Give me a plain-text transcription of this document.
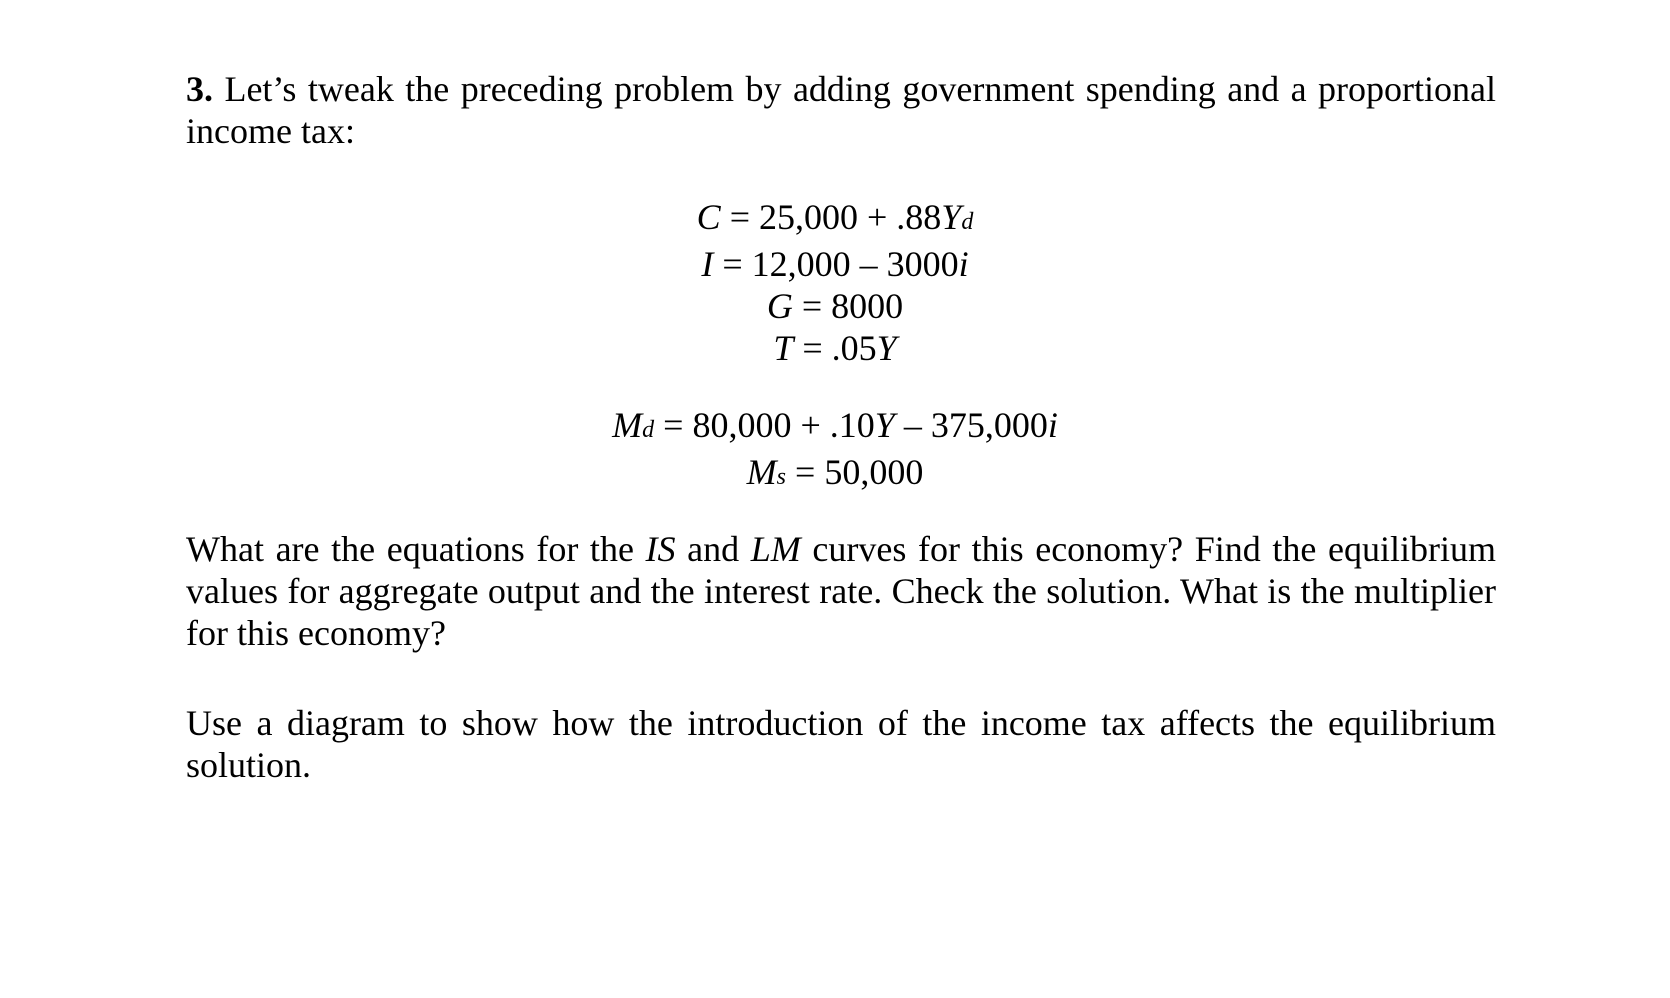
3. Let’s tweak the preceding problem by adding government spending and a proportional income tax:

C = 25,000 + .88Yd
I = 12,000 – 3000i
G = 8000
T = .05Y
Md = 80,000 + .10Y – 375,000i
Ms = 50,000

What are the equations for the IS and LM curves for this economy? Find the equilibrium values for aggregate output and the interest rate. Check the solution. What is the multiplier for this economy?

Use a diagram to show how the introduction of the income tax affects the equilibrium solution.
